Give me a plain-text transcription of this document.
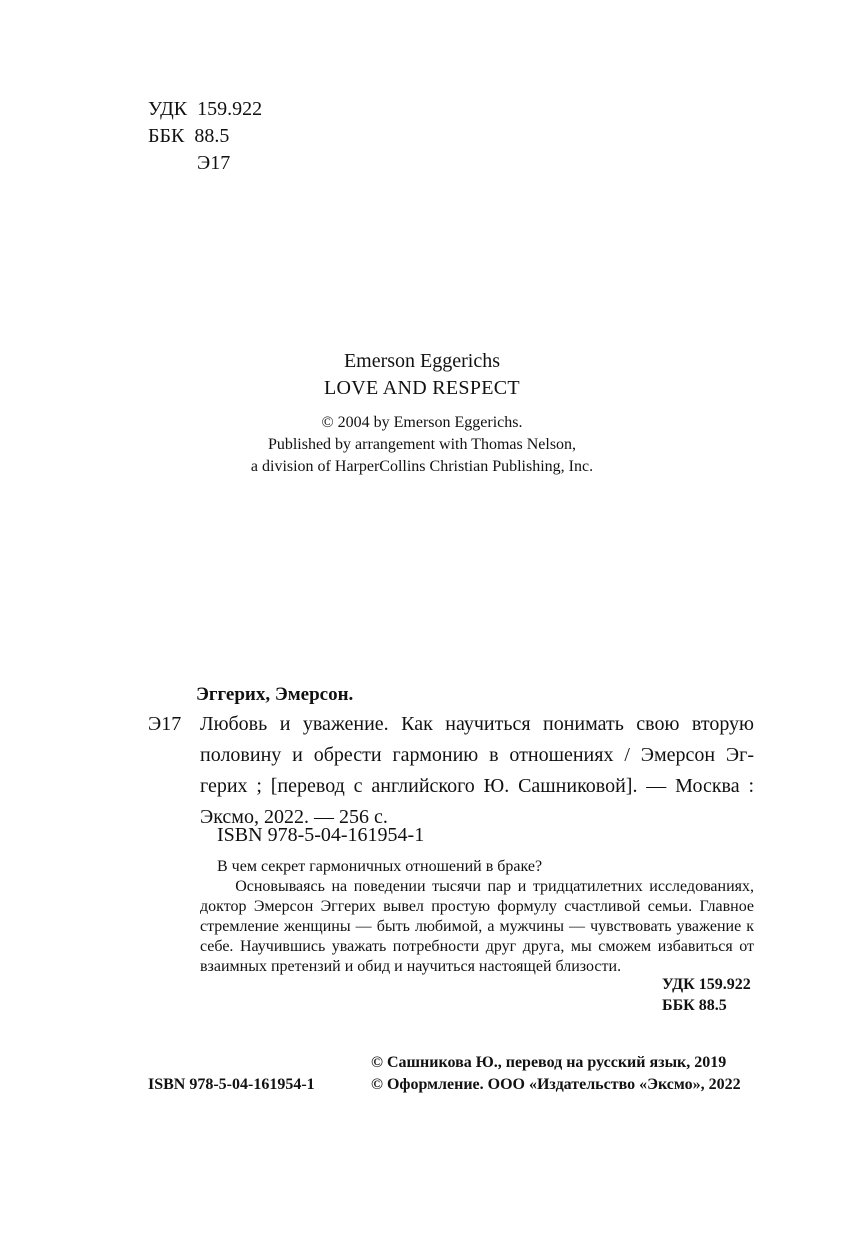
УДК 159.922
ББК 88.5
Э17
Emerson Eggerichs
LOVE AND RESPECT
© 2004 by Emerson Eggerichs.
Published by arrangement with Thomas Nelson,
a division of HarperCollins Christian Publishing, Inc.
Эггерих, Эмерсон.
Э17 Любовь и уважение. Как научиться понимать свою вторую
половину и обрести гармонию в отношениях / Эмерсон Эг-
герих ; [перевод с английского Ю. Сашниковой]. — Москва :
Эксмо, 2022. — 256 с.
ISBN 978-5-04-161954-1
В чем секрет гармоничных отношений в браке?
Основываясь на поведении тысячи пар и тридцатилетних исследованиях, доктор Эмерсон Эггерих вывел простую формулу счастливой семьи. Главное стремление женщины — быть любимой, а мужчины — чувствовать уважение к себе. Научившись уважать потребности друг друга, мы сможем избавиться от взаимных претензий и обид и научиться настоящей близости.
УДК 159.922
ББК 88.5
© Сашникова Ю., перевод на русский язык, 2019
ISBN 978-5-04-161954-1	© Оформление. ООО «Издательство «Эксмо», 2022
